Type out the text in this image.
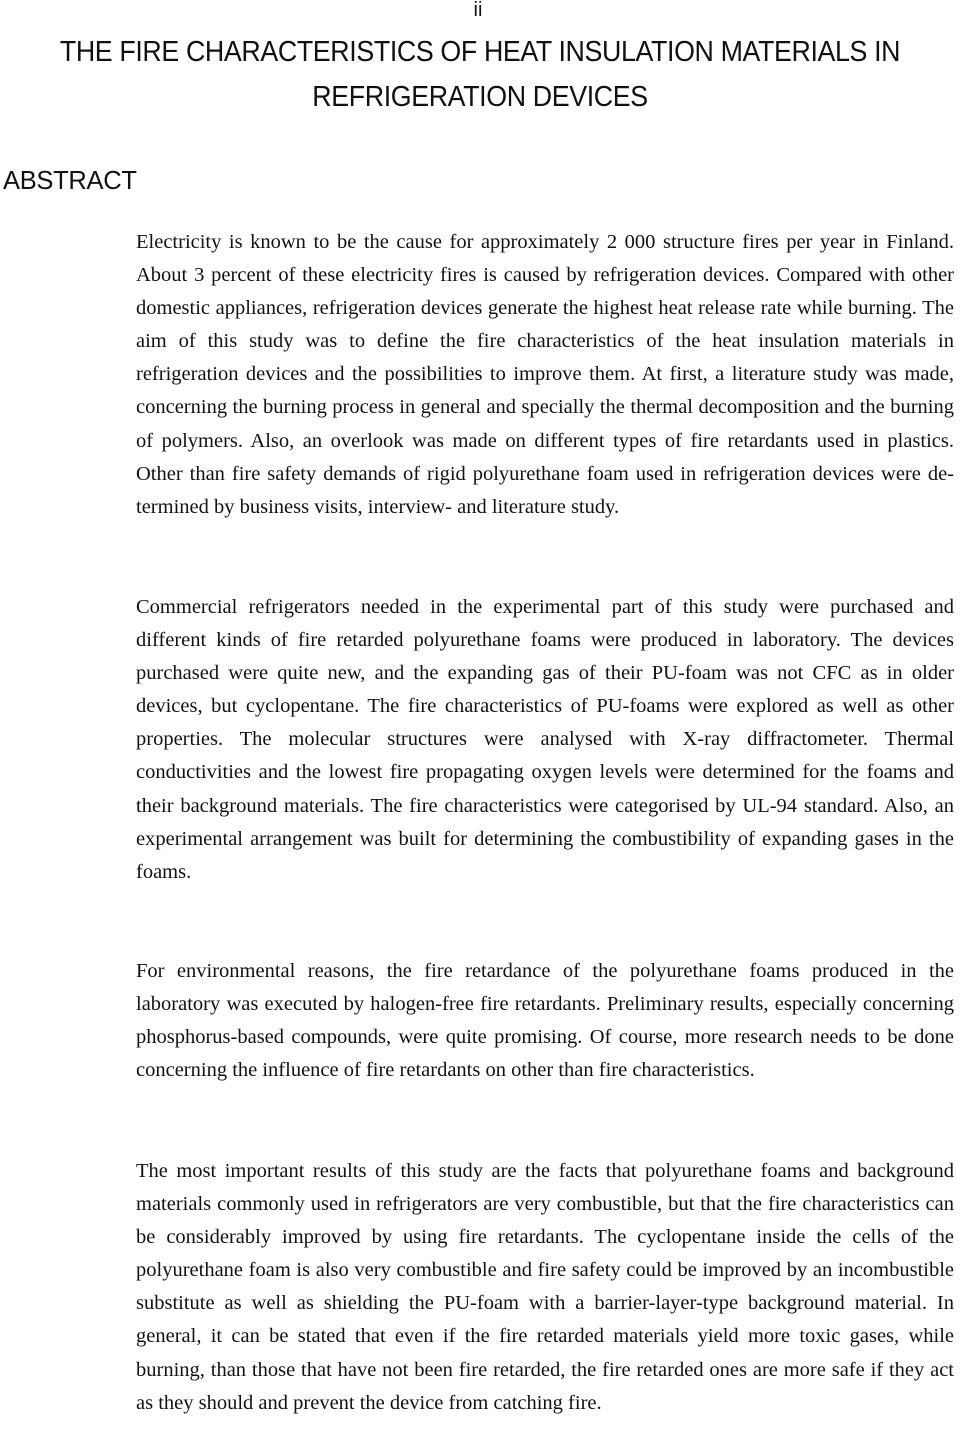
ii
THE FIRE CHARACTERISTICS OF HEAT INSULATION MATERIALS IN
REFRIGERATION DEVICES
ABSTRACT

Electricity is known to be the cause for approximately 2 000 structure fires per year in Finland. About 3 percent of these electricity fires is caused by refrigeration devices. Compared with other domestic appliances, refrigeration devices generate the highest heat release rate while burning. The aim of this study was to define the fire characteristics of the heat insulation materials in refrigeration devices and the possibilities to improve them. At first, a literature study was made, concerning the burning process in general and specially the thermal decomposition and the burning of polymers. Also, an overlook was made on different types of fire retardants used in plastics. Other than fire safety demands of rigid polyurethane foam used in refrigeration devices were determined by business visits, interview- and literature study.

Commercial refrigerators needed in the experimental part of this study were purchased and different kinds of fire retarded polyurethane foams were produced in laboratory. The devices purchased were quite new, and the expanding gas of their PU-foam was not CFC as in older devices, but cyclopentane. The fire characteristics of PU-foams were explored as well as other properties. The molecular structures were analysed with X-ray diffractometer. Thermal conductivities and the lowest fire propagating oxygen levels were determined for the foams and their background materials. The fire characteristics were categorised by UL-94 standard. Also, an experimental arrangement was built for determining the combustibility of expanding gases in the foams.

For environmental reasons, the fire retardance of the polyurethane foams produced in the laboratory was executed by halogen-free fire retardants. Preliminary results, especially concerning phosphorus-based compounds, were quite promising. Of course, more research needs to be done concerning the influence of fire retardants on other than fire characteristics.

The most important results of this study are the facts that polyurethane foams and background materials commonly used in refrigerators are very combustible, but that the fire characteristics can be considerably improved by using fire retardants. The cyclopentane inside the cells of the polyurethane foam is also very combustible and fire safety could be improved by an incombustible substitute as well as shielding the PU-foam with a barrier-layer-type background material. In general, it can be stated that even if the fire retarded materials yield more toxic gases, while burning, than those that have not been fire retarded, the fire retarded ones are more safe if they act as they should and prevent the device from catching fire.
